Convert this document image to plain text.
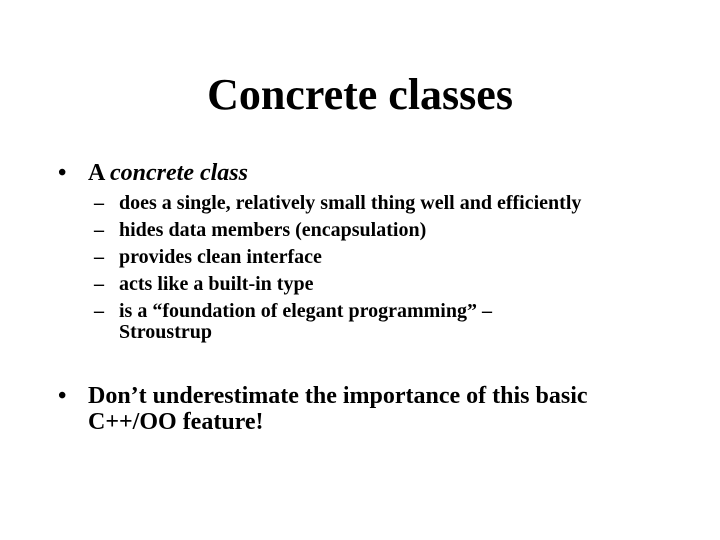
Concrete classes
• A concrete class
– does a single, relatively small thing well and efficiently
– hides data members (encapsulation)
– provides clean interface
– acts like a built-in type
– is a “foundation of elegant programming” – Stroustrup
• Don’t underestimate the importance of this basic C++/OO feature!
